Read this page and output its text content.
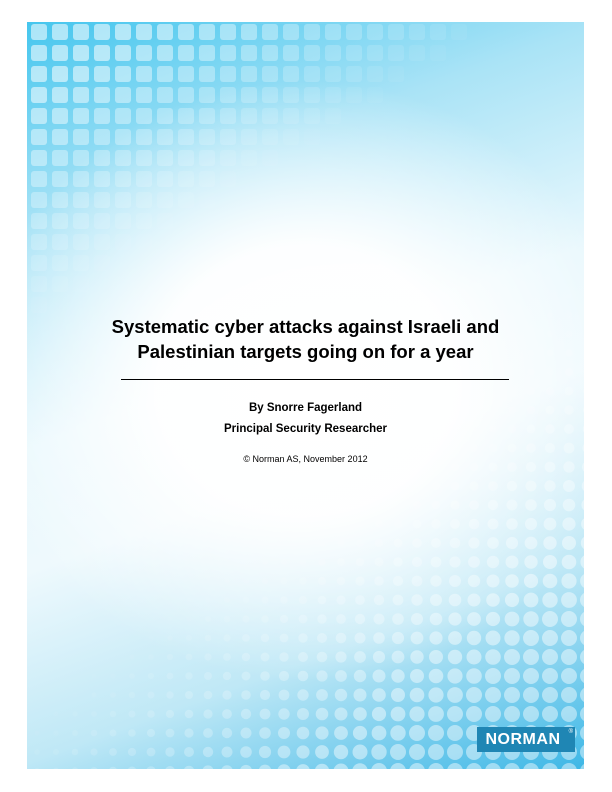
Systematic cyber attacks against Israeli and
Palestinian targets going on for a year
By Snorre Fagerland
Principal Security Researcher
© Norman AS, November 2012
NORMAN ®
